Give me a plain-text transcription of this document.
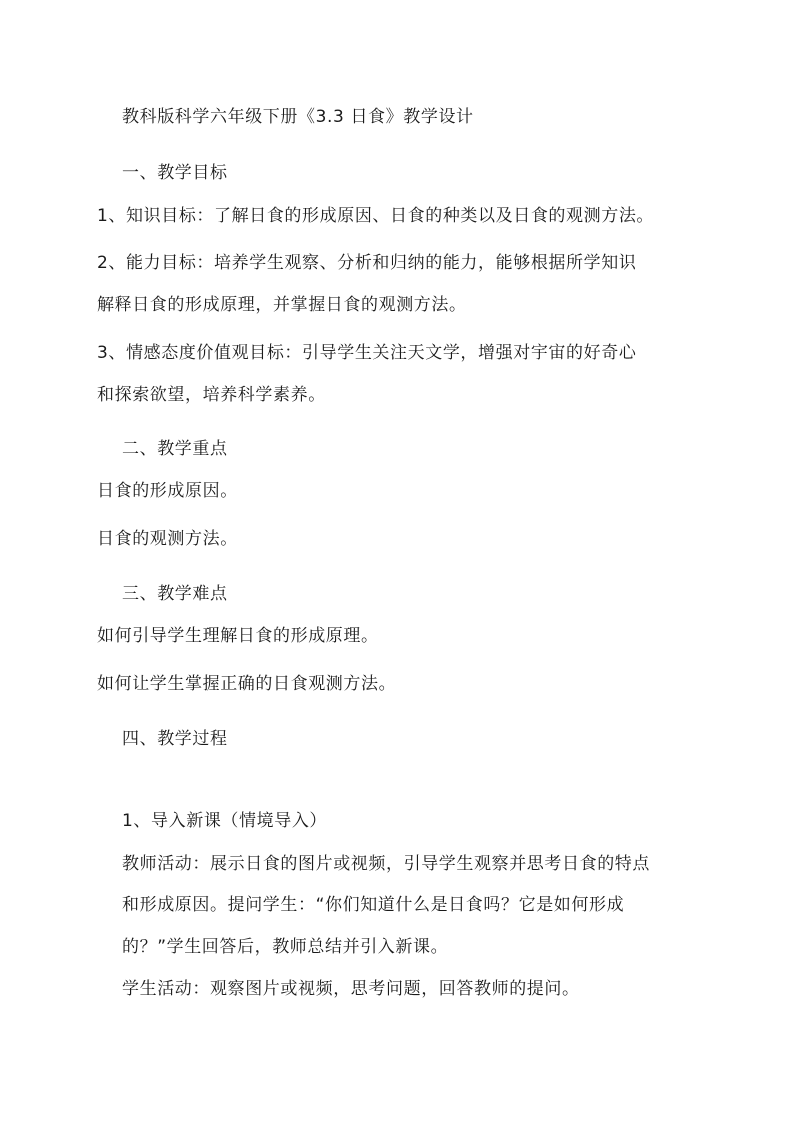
教科版科学六年级下册《3.3 日食》教学设计
一、教学目标
1、知识目标：了解日食的形成原因、日食的种类以及日食的观测方法。
2、能力目标：培养学生观察、分析和归纳的能力，能够根据所学知识
解释日食的形成原理，并掌握日食的观测方法。
3、情感态度价值观目标：引导学生关注天文学，增强对宇宙的好奇心
和探索欲望，培养科学素养。
二、教学重点
日食的形成原因。
日食的观测方法。
三、教学难点
如何引导学生理解日食的形成原理。
如何让学生掌握正确的日食观测方法。
四、教学过程
1、导入新课（情境导入）
教师活动：展示日食的图片或视频，引导学生观察并思考日食的特点
和形成原因。提问学生：“你们知道什么是日食吗？它是如何形成
的？”学生回答后，教师总结并引入新课。
学生活动：观察图片或视频，思考问题，回答教师的提问。
